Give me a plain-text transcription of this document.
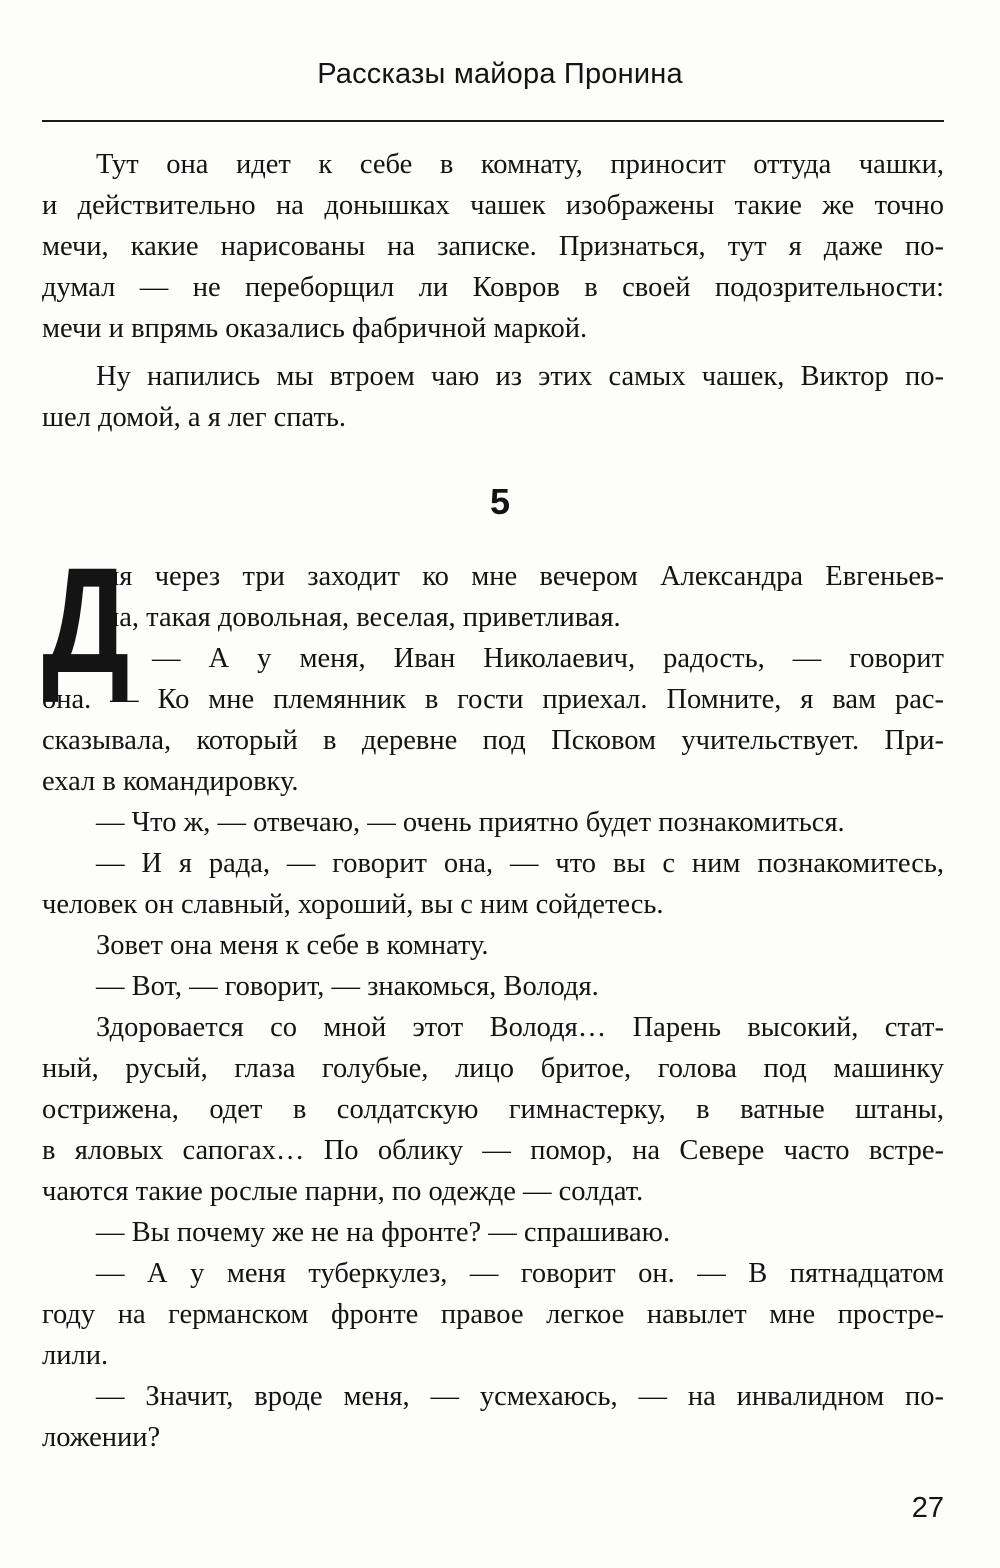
Рассказы майора Пронина
Тут она идет к себе в комнату, приносит оттуда чашки,
и действительно на донышках чашек изображены такие же точно
мечи, какие нарисованы на записке. Признаться, тут я даже по-
думал — не переборщил ли Ковров в своей подозрительности:
мечи и впрямь оказались фабричной маркой.
Ну напились мы втроем чаю из этих самых чашек, Виктор по-
шел домой, а я лег спать.
5
Д
ня через три заходит ко мне вечером Александра Евгеньев-
на, такая довольная, веселая, приветливая.
— А у меня, Иван Николаевич, радость, — говорит
она. — Ко мне племянник в гости приехал. Помните, я вам рас-
сказывала, который в деревне под Псковом учительствует. При-
ехал в командировку.
— Что ж, — отвечаю, — очень приятно будет познакомиться.
— И я рада, — говорит она, — что вы с ним познакомитесь,
человек он славный, хороший, вы с ним сойдетесь.
Зовет она меня к себе в комнату.
— Вот, — говорит, — знакомься, Володя.
Здоровается со мной этот Володя… Парень высокий, стат-
ный, русый, глаза голубые, лицо бритое, голова под машинку
острижена, одет в солдатскую гимнастерку, в ватные штаны,
в яловых сапогах… По облику — помор, на Севере часто встре-
чаются такие рослые парни, по одежде — солдат.
— Вы почему же не на фронте? — спрашиваю.
— А у меня туберкулез, — говорит он. — В пятнадцатом
году на германском фронте правое легкое навылет мне простре-
лили.
— Значит, вроде меня, — усмехаюсь, — на инвалидном по-
ложении?
27
